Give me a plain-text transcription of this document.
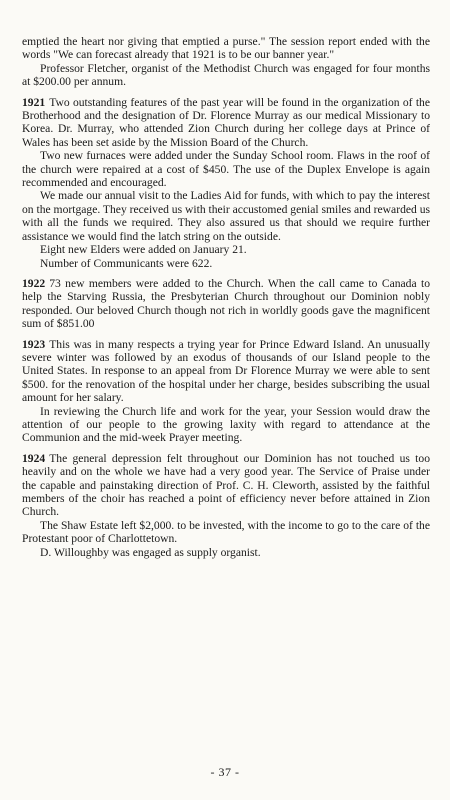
emptied the heart nor giving that emptied a purse." The session report ended with the words "We can forecast already that 1921 is to be our banner year."

Professor Fletcher, organist of the Methodist Church was engaged for four months at $200.00 per annum.

1921 Two outstanding features of the past year will be found in the organization of the Brotherhood and the designation of Dr. Florence Murray as our medical Missionary to Korea. Dr. Murray, who attended Zion Church during her college days at Prince of Wales has been set aside by the Mission Board of the Church.

Two new furnaces were added under the Sunday School room. Flaws in the roof of the church were repaired at a cost of $450. The use of the Duplex Envelope is again recommended and encouraged.

We made our annual visit to the Ladies Aid for funds, with which to pay the interest on the mortgage. They received us with their accustomed genial smiles and rewarded us with all the funds we required. They also assured us that should we require further assistance we would find the latch string on the outside.

Eight new Elders were added on January 21.

Number of Communicants were 622.

1922 73 new members were added to the Church. When the call came to Canada to help the Starving Russia, the Presbyterian Church throughout our Dominion nobly responded. Our beloved Church though not rich in worldly goods gave the magnificent sum of $851.00

1923 This was in many respects a trying year for Prince Edward Island. An unusually severe winter was followed by an exodus of thousands of our Island people to the United States. In response to an appeal from Dr Florence Murray we were able to sent $500. for the renovation of the hospital under her charge, besides subscribing the usual amount for her salary.

In reviewing the Church life and work for the year, your Session would draw the attention of our people to the growing laxity with regard to attendance at the Communion and the mid-week Prayer meeting.

1924 The general depression felt throughout our Dominion has not touched us too heavily and on the whole we have had a very good year. The Service of Praise under the capable and painstaking direction of Prof. C. H. Cleworth, assisted by the faithful members of the choir has reached a point of efficiency never before attained in Zion Church.

The Shaw Estate left $2,000. to be invested, with the income to go to the care of the Protestant poor of Charlottetown.

D. Willoughby was engaged as supply organist.

- 37 -
